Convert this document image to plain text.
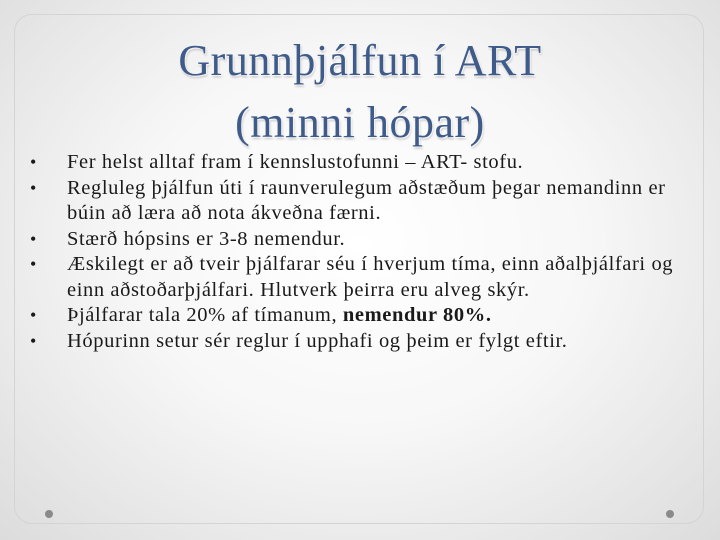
Grunnþjálfun í ART
(minni hópar)
•	Fer helst alltaf fram í kennslustofunni – ART- stofu.
•	Regluleg þjálfun úti í raunverulegum aðstæðum þegar nemandinn er búin að læra að nota ákveðna færni.
•	Stærð hópsins er 3-8 nemendur.
•	Æskilegt er að tveir þjálfarar séu í hverjum tíma, einn aðalþjálfari og einn aðstoðarþjálfari. Hlutverk þeirra eru alveg skýr.
•	Þjálfarar tala 20% af tímanum, nemendur 80%.
•	Hópurinn setur sér reglur í upphafi og þeim er fylgt eftir.
